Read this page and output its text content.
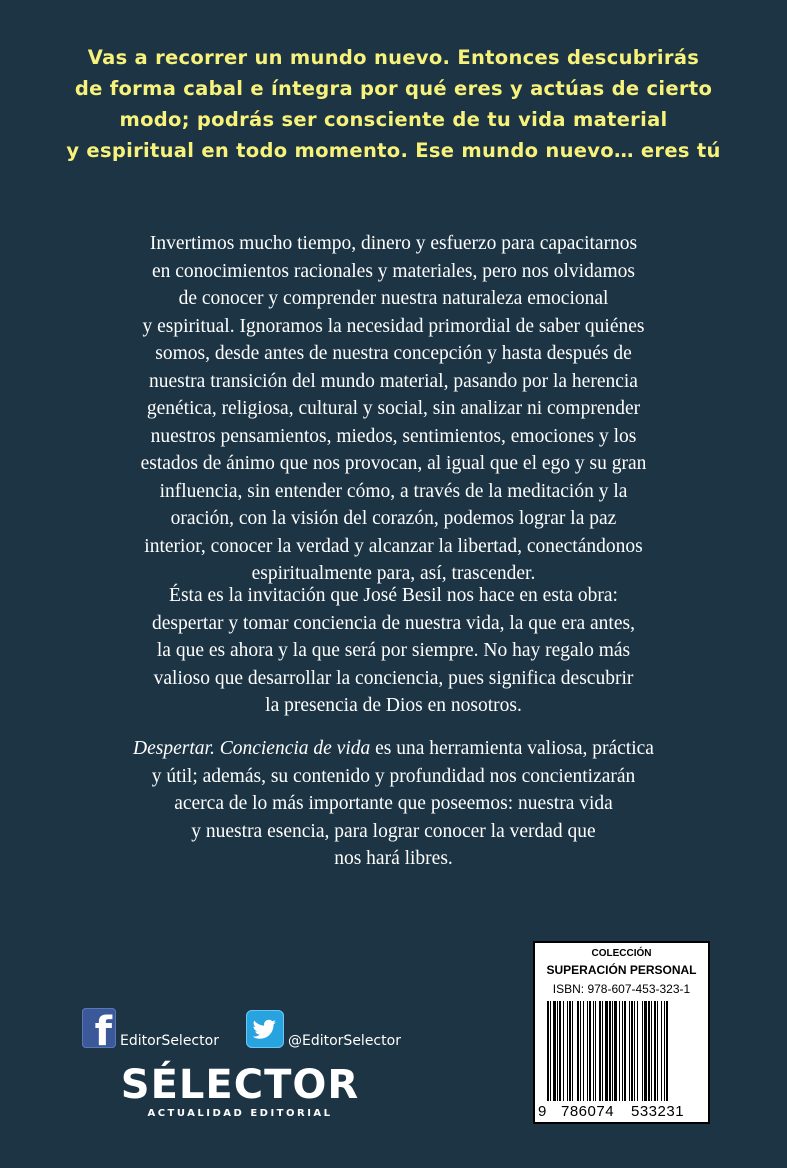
Vas a recorrer un mundo nuevo. Entonces descubrirás
de forma cabal e íntegra por qué eres y actúas de cierto
modo; podrás ser consciente de tu vida material
y espiritual en todo momento. Ese mundo nuevo… eres tú
Invertimos mucho tiempo, dinero y esfuerzo para capacitarnos
en conocimientos racionales y materiales, pero nos olvidamos
de conocer y comprender nuestra naturaleza emocional
y espiritual. Ignoramos la necesidad primordial de saber quiénes
somos, desde antes de nuestra concepción y hasta después de
nuestra transición del mundo material, pasando por la herencia
genética, religiosa, cultural y social, sin analizar ni comprender
nuestros pensamientos, miedos, sentimientos, emociones y los
estados de ánimo que nos provocan, al igual que el ego y su gran
influencia, sin entender cómo, a través de la meditación y la
oración, con la visión del corazón, podemos lograr la paz
interior, conocer la verdad y alcanzar la libertad, conectándonos
espiritualmente para, así, trascender.
Ésta es la invitación que José Besil nos hace en esta obra:
despertar y tomar conciencia de nuestra vida, la que era antes,
la que es ahora y la que será por siempre. No hay regalo más
valioso que desarrollar la conciencia, pues significa descubrir
la presencia de Dios en nosotros.
Despertar. Conciencia de vida es una herramienta valiosa, práctica
y útil; además, su contenido y profundidad nos concientizarán
acerca de lo más importante que poseemos: nuestra vida
y nuestra esencia, para lograr conocer la verdad que
nos hará libres.
f EditorSelector	@EditorSelector
SÉLECTOR
ACTUALIDAD EDITORIAL
COLECCIÓN
SUPERACIÓN PERSONAL
ISBN: 978-607-453-323-1
9 786074 533231
